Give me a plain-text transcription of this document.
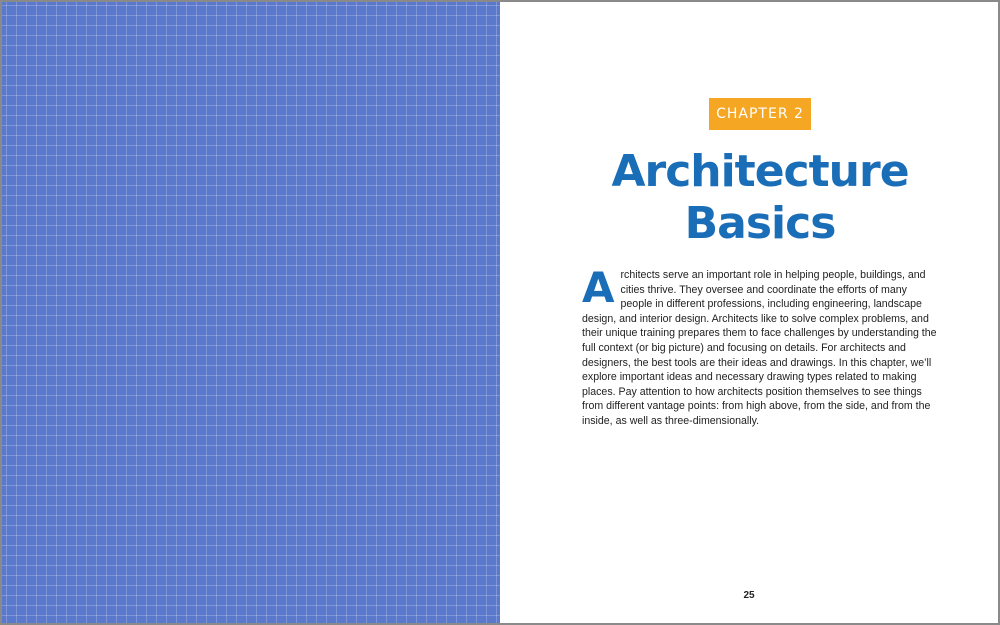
CHAPTER 2
Architecture
Basics
Architects serve an important role in helping people, buildings, and cities thrive. They oversee and coordinate the efforts of many people in different professions, including engineering, landscape design, and interior design. Architects like to solve complex problems, and their unique training prepares them to face challenges by understanding the full context (or big picture) and focusing on details. For architects and designers, the best tools are their ideas and drawings. In this chapter, we’ll explore important ideas and necessary drawing types related to making places. Pay attention to how architects position themselves to see things from different vantage points: from high above, from the side, and from the inside, as well as three-dimensionally.
25
